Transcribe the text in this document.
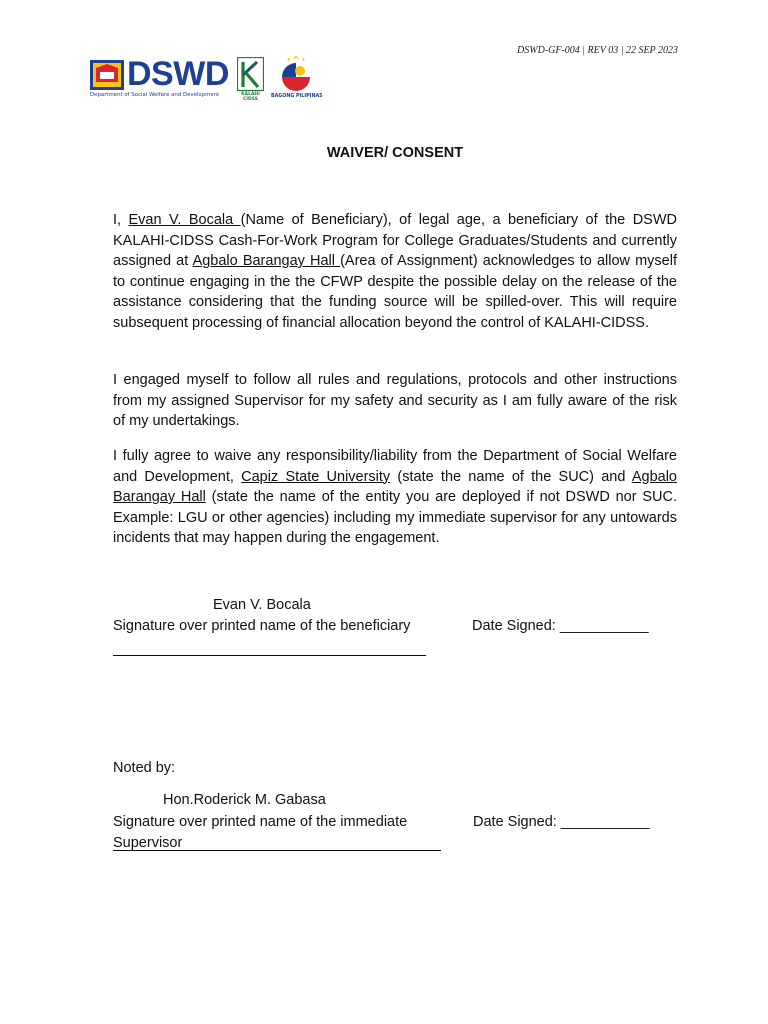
DSWD-GF-004 | REV 03 | 22 SEP 2023
DSWD
Department of Social Welfare and Development	KALAHI CIDSS
BAGONG PILIPINAS
WAIVER/ CONSENT

I, Evan V. Bocala (Name of Beneficiary), of legal age, a beneficiary of the DSWD KALAHI-CIDSS Cash-For-Work Program for College Graduates/Students and currently assigned at Agbalo Barangay Hall (Area of Assignment) acknowledges to allow myself to continue engaging in the the CFWP despite the possible delay on the release of the assistance considering that the funding source will be spilled-over. This will require subsequent processing of financial allocation beyond the control of KALAHI-CIDSS.

I engaged myself to follow all rules and regulations, protocols and other instructions from my assigned Supervisor for my safety and security as I am fully aware of the risk of my undertakings.

I fully agree to waive any responsibility/liability from the Department of Social Welfare and Development, Capiz State University (state the name of the SUC) and Agbalo Barangay Hall (state the name of the entity you are deployed if not DSWD nor SUC. Example: LGU or other agencies) including my immediate supervisor for any untowards incidents that may happen during the engagement.

Evan V. Bocala

Signature over printed name of the beneficiary	Date Signed: ___________
Noted by:

Hon.Roderick M. Gabasa

Signature over printed name of the immediate Supervisor
Date Signed: ___________
